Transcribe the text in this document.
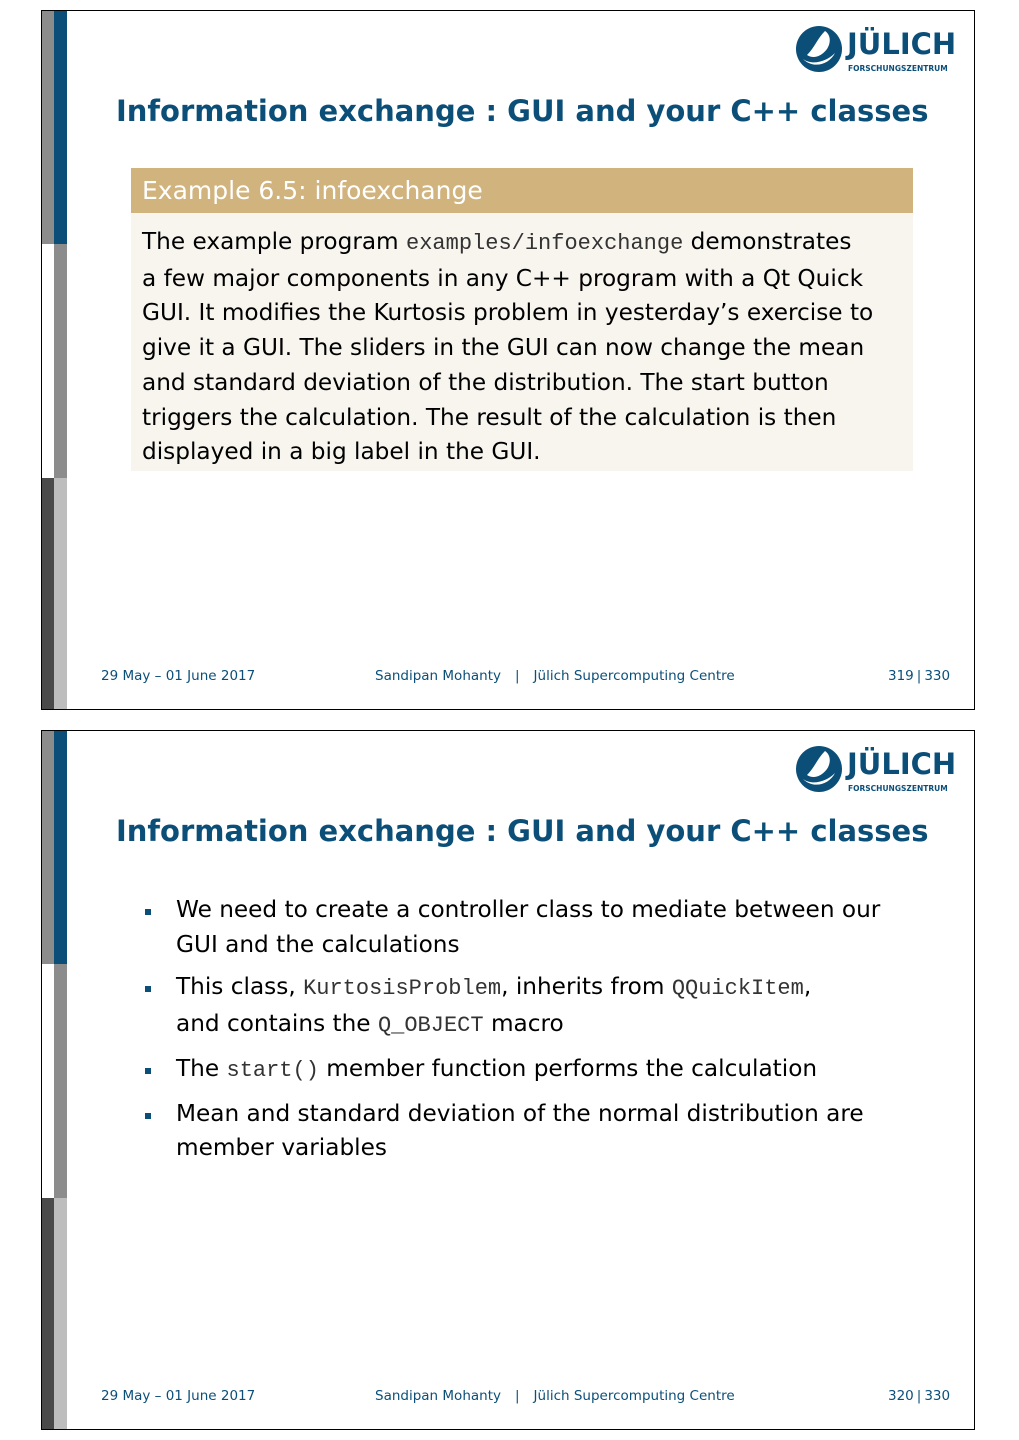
JÜLICH
FORSCHUNGSZENTRUM
Information exchange : GUI and your C++ classes
Example 6.5: infoexchange
The example program examples/infoexchange demonstrates
a few major components in any C++ program with a Qt Quick
GUI. It modifies the Kurtosis problem in yesterday’s exercise to
give it a GUI. The sliders in the GUI can now change the mean
and standard deviation of the distribution. The start button
triggers the calculation. The result of the calculation is then
displayed in a big label in the GUI.
29 May – 01 June 2017	Sandipan Mohanty | Jülich Supercomputing Centre	319 | 330
JÜLICH
FORSCHUNGSZENTRUM
Information exchange : GUI and your C++ classes
We need to create a controller class to mediate between our
GUI and the calculations
This class, KurtosisProblem, inherits from QQuickItem,
and contains the Q_OBJECT macro
The start() member function performs the calculation
Mean and standard deviation of the normal distribution are
member variables
29 May – 01 June 2017	Sandipan Mohanty | Jülich Supercomputing Centre	320 | 330
